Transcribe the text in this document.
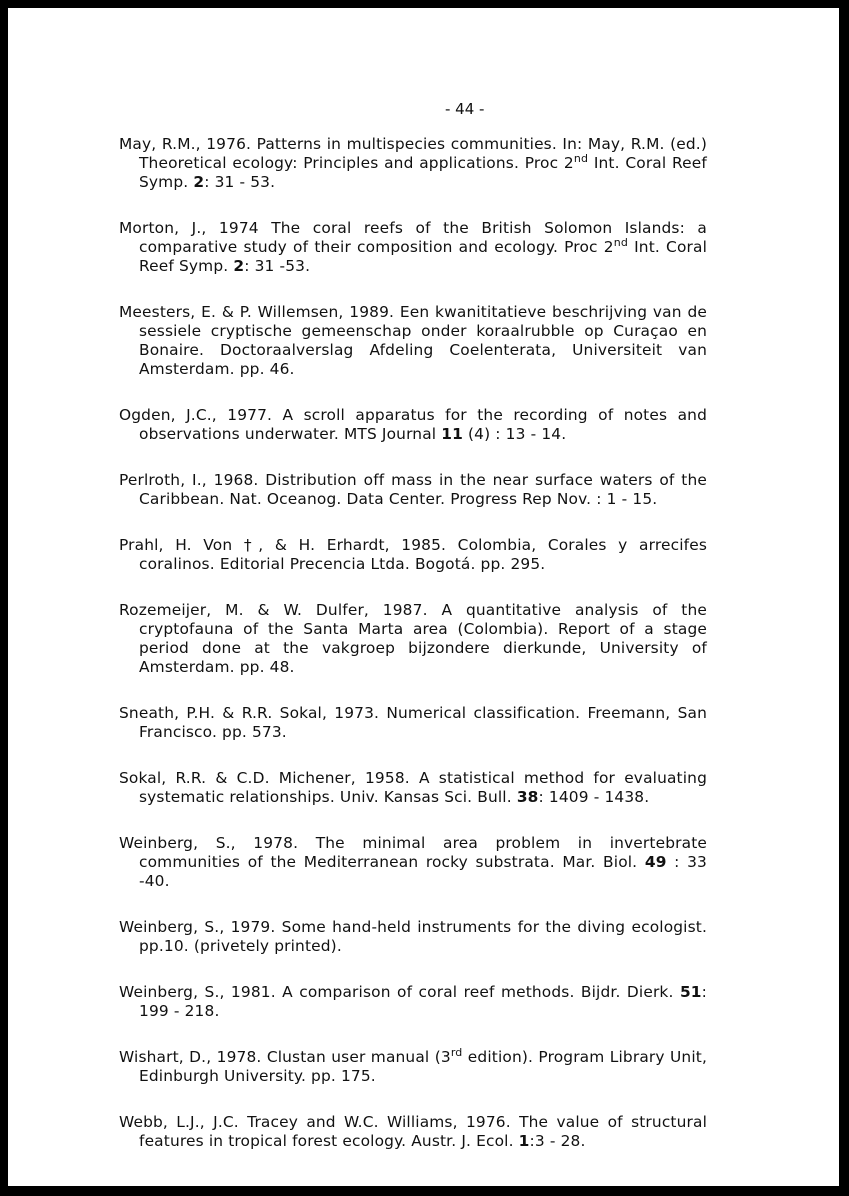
- 44 -

May, R.M., 1976. Patterns in multispecies communities. In: May, R.M. (ed.) Theoretical ecology: Principles and applications. Proc 2nd Int. Coral Reef Symp. 2: 31 - 53.

Morton, J., 1974 The coral reefs of the British Solomon Islands: a comparative study of their composition and ecology. Proc 2nd Int. Coral Reef Symp. 2: 31 -53.

Meesters, E. & P. Willemsen, 1989. Een kwanititatieve beschrijving van de sessiele cryptische gemeenschap onder koraalrubble op Curaçao en Bonaire. Doctoraalverslag Afdeling Coelenterata, Universiteit van Amsterdam. pp. 46.

Ogden, J.C., 1977. A scroll apparatus for the recording of notes and observations underwater. MTS Journal 11 (4) : 13 - 14.

Perlroth, I., 1968. Distribution off mass in the near surface waters of the Caribbean. Nat. Oceanog. Data Center. Progress Rep Nov. : 1 - 15.

Prahl, H. Von †, & H. Erhardt, 1985. Colombia, Corales y arrecifes coralinos. Editorial Precencia Ltda. Bogotá. pp. 295.

Rozemeijer, M. & W. Dulfer, 1987. A quantitative analysis of the cryptofauna of the Santa Marta area (Colombia). Report of a stage period done at the vakgroep bijzondere dierkunde, University of Amsterdam. pp. 48.

Sneath, P.H. & R.R. Sokal, 1973. Numerical classification. Freemann, San Francisco. pp. 573.

Sokal, R.R. & C.D. Michener, 1958. A statistical method for evaluating systematic relationships. Univ. Kansas Sci. Bull. 38: 1409 - 1438.

Weinberg, S., 1978. The minimal area problem in invertebrate communities of the Mediterranean rocky substrata. Mar. Biol. 49 : 33 -40.

Weinberg, S., 1979. Some hand-held instruments for the diving ecologist. pp.10. (privetely printed).

Weinberg, S., 1981. A comparison of coral reef methods. Bijdr. Dierk. 51: 199 - 218.

Wishart, D., 1978. Clustan user manual (3rd edition). Program Library Unit, Edinburgh University. pp. 175.

Webb, L.J., J.C. Tracey and W.C. Williams, 1976. The value of structural features in tropical forest ecology. Austr. J. Ecol. 1:3 - 28.
